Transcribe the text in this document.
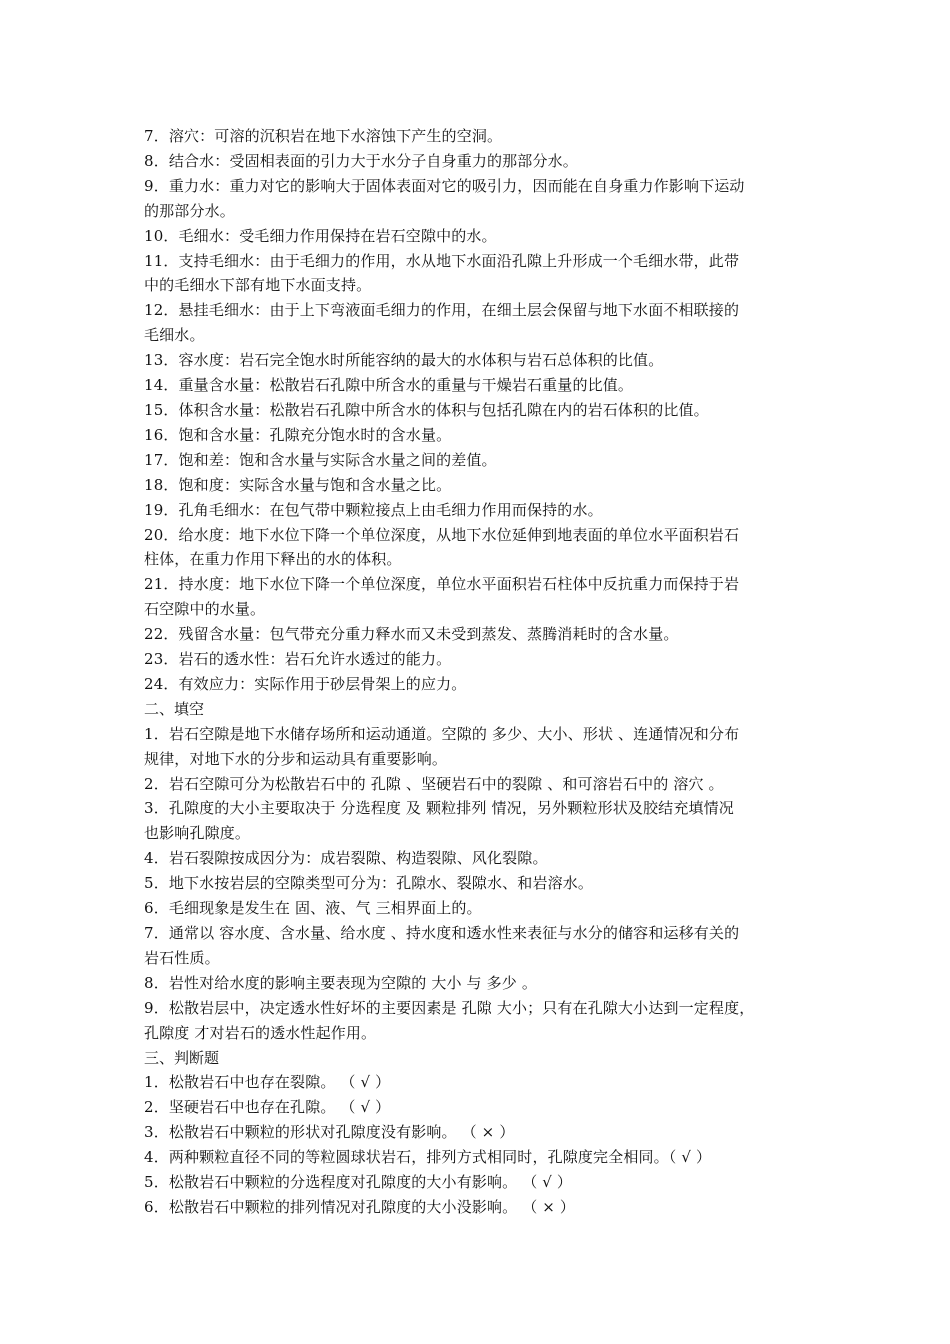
7．溶穴：可溶的沉积岩在地下水溶蚀下产生的空洞。
8．结合水：受固相表面的引力大于水分子自身重力的那部分水。
9．重力水：重力对它的影响大于固体表面对它的吸引力，因而能在自身重力作影响下运动
的那部分水。
10．毛细水：受毛细力作用保持在岩石空隙中的水。
11．支持毛细水：由于毛细力的作用，水从地下水面沿孔隙上升形成一个毛细水带，此带
中的毛细水下部有地下水面支持。
12．悬挂毛细水：由于上下弯液面毛细力的作用，在细土层会保留与地下水面不相联接的
毛细水。
13．容水度：岩石完全饱水时所能容纳的最大的水体积与岩石总体积的比值。
14．重量含水量：松散岩石孔隙中所含水的重量与干燥岩石重量的比值。
15．体积含水量：松散岩石孔隙中所含水的体积与包括孔隙在内的岩石体积的比值。
16．饱和含水量：孔隙充分饱水时的含水量。
17．饱和差：饱和含水量与实际含水量之间的差值。
18．饱和度：实际含水量与饱和含水量之比。
19．孔角毛细水：在包气带中颗粒接点上由毛细力作用而保持的水。
20．给水度：地下水位下降一个单位深度，从地下水位延伸到地表面的单位水平面积岩石
柱体，在重力作用下释出的水的体积。
21．持水度：地下水位下降一个单位深度，单位水平面积岩石柱体中反抗重力而保持于岩
石空隙中的水量。
22．残留含水量：包气带充分重力释水而又未受到蒸发、蒸腾消耗时的含水量。
23．岩石的透水性：岩石允许水透过的能力。
24．有效应力：实际作用于砂层骨架上的应力。
二、填空
1．岩石空隙是地下水储存场所和运动通道。空隙的 多少、大小、形状 、连通情况和分布
规律，对地下水的分步和运动具有重要影响。
2．岩石空隙可分为松散岩石中的 孔隙 、坚硬岩石中的裂隙 、和可溶岩石中的 溶穴 。
3．孔隙度的大小主要取决于 分选程度 及 颗粒排列 情况，另外颗粒形状及胶结充填情况
也影响孔隙度。
4．岩石裂隙按成因分为：成岩裂隙、构造裂隙、风化裂隙。
5．地下水按岩层的空隙类型可分为：孔隙水、裂隙水、和岩溶水。
6．毛细现象是发生在 固、液、气 三相界面上的。
7．通常以 容水度、含水量、给水度 、持水度和透水性来表征与水分的储容和运移有关的
岩石性质。
8．岩性对给水度的影响主要表现为空隙的 大小 与 多少 。
9．松散岩层中，决定透水性好坏的主要因素是 孔隙 大小；只有在孔隙大小达到一定程度，
孔隙度 才对岩石的透水性起作用。
三、判断题
1．松散岩石中也存在裂隙。 （ √ ）
2．坚硬岩石中也存在孔隙。 （ √ ）
3．松散岩石中颗粒的形状对孔隙度没有影响。 （ × ）
4．两种颗粒直径不同的等粒圆球状岩石，排列方式相同时，孔隙度完全相同。（ √ ）
5．松散岩石中颗粒的分选程度对孔隙度的大小有影响。 （ √ ）
6．松散岩石中颗粒的排列情况对孔隙度的大小没影响。 （ × ）
